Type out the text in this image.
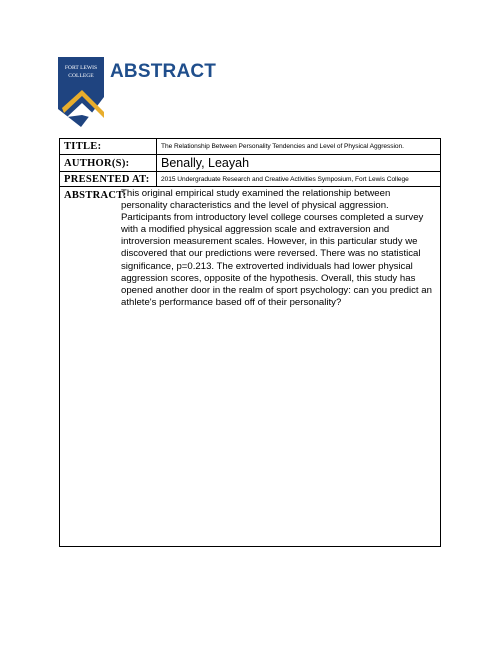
FORT LEWIS
COLLEGE ABSTRACT
TITLE:	The Relationship Between Personality Tendencies and Level of Physical Aggression.
AUTHOR(S):	Benally, Leayah
PRESENTED AT:	2015 Undergraduate Research and Creative Activities Symposium, Fort Lewis College
ABSTRACT:

This original empirical study examined the relationship between personality characteristics and the level of physical aggression. Participants from introductory level college courses completed a survey with a modified physical aggression scale and extraversion and introversion measurement scales. However, in this particular study we discovered that our predictions were reversed. There was no statistical significance, p=0.213. The extroverted individuals had lower physical aggression scores, opposite of the hypothesis. Overall, this study has opened another door in the realm of sport psychology: can you predict an athlete's performance based off of their personality?
